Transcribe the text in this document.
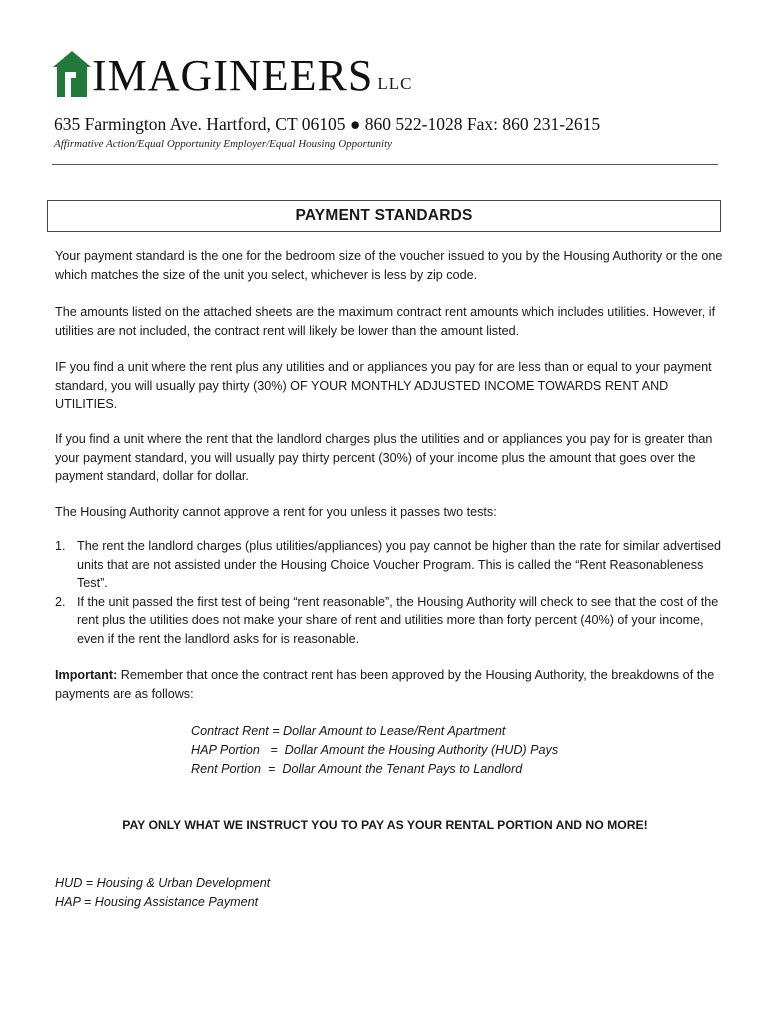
IMAGINEERS LLC
635 Farmington Ave. Hartford, CT 06105 ● 860 522-1028 Fax: 860 231-2615
Affirmative Action/Equal Opportunity Employer/Equal Housing Opportunity
PAYMENT STANDARDS

Your payment standard is the one for the bedroom size of the voucher issued to you by the Housing Authority or the one which matches the size of the unit you select, whichever is less by zip code.

The amounts listed on the attached sheets are the maximum contract rent amounts which includes utilities. However, if utilities are not included, the contract rent will likely be lower than the amount listed.

IF you find a unit where the rent plus any utilities and or appliances you pay for are less than or equal to your payment standard, you will usually pay thirty (30%) OF YOUR MONTHLY ADJUSTED INCOME TOWARDS RENT AND UTILITIES.

If you find a unit where the rent that the landlord charges plus the utilities and or appliances you pay for is greater than your payment standard, you will usually pay thirty percent (30%) of your income plus the amount that goes over the payment standard, dollar for dollar.

The Housing Authority cannot approve a rent for you unless it passes two tests:

1. The rent the landlord charges (plus utilities/appliances) you pay cannot be higher than the rate for similar advertised units that are not assisted under the Housing Choice Voucher Program. This is called the “Rent Reasonableness Test”.
2. If the unit passed the first test of being “rent reasonable”, the Housing Authority will check to see that the cost of the rent plus the utilities does not make your share of rent and utilities more than forty percent (40%) of your income, even if the rent the landlord asks for is reasonable.

Important: Remember that once the contract rent has been approved by the Housing Authority, the breakdowns of the payments are as follows:

Contract Rent = Dollar Amount to Lease/Rent Apartment
HAP Portion   =  Dollar Amount the Housing Authority (HUD) Pays
Rent Portion  =  Dollar Amount the Tenant Pays to Landlord
PAY ONLY WHAT WE INSTRUCT YOU TO PAY AS YOUR RENTAL PORTION AND NO MORE!
HUD = Housing & Urban Development
HAP = Housing Assistance Payment
